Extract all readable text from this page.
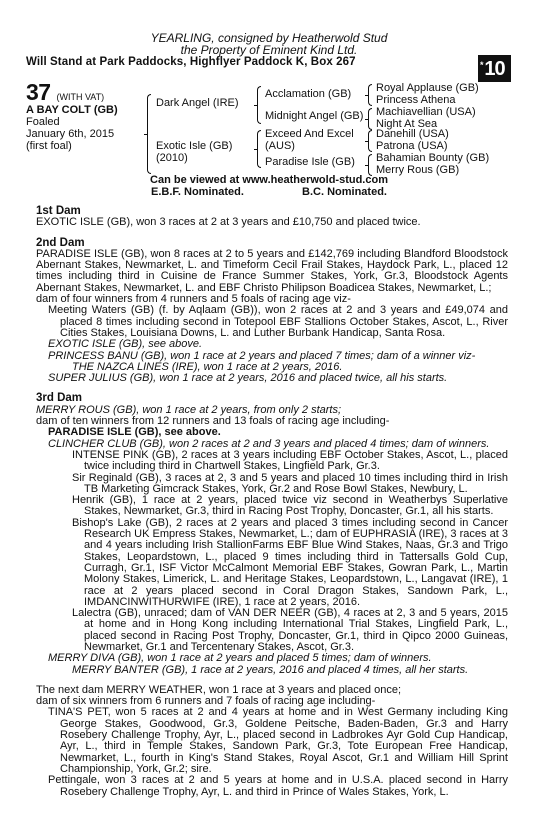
YEARLING, consigned by Heatherwold Stud
the Property of Eminent Kind Ltd.
Will Stand at Park Paddocks, Highflyer Paddock K, Box 267	* 10
37 (WITH VAT)
A BAY COLT (GB)
Foaled
January 6th, 2015
(first foal)
Dark Angel (IRE)
Exotic Isle (GB)
(2010)
Acclamation (GB)
Midnight Angel (GB)
Exceed And Excel
(AUS)
Paradise Isle (GB)
Royal Applause (GB)
Princess Athena
Machiavellian (USA)
Night At Sea
Danehill (USA)
Patrona (USA)
Bahamian Bounty (GB)
Merry Rous (GB)
Can be viewed at www.heatherwold-stud.com
E.B.F. Nominated.	B.C. Nominated.

1st Dam

EXOTIC ISLE (GB), won 3 races at 2 at 3 years and £10,750 and placed twice.

2nd Dam

PARADISE ISLE (GB), won 8 races at 2 to 5 years and £142,769 including Blandford Bloodstock Abernant Stakes, Newmarket, L. and Timeform Cecil Frail Stakes, Haydock Park, L., placed 12 times including third in Cuisine de France Summer Stakes, York, Gr.3, Bloodstock Agents Abernant Stakes, Newmarket, L. and EBF Christo Philipson Boadicea Stakes, Newmarket, L.;

dam of four winners from 4 runners and 5 foals of racing age viz-

Meeting Waters (GB) (f. by Aqlaam (GB)), won 2 races at 2 and 3 years and £49,074 and placed 8 times including second in Totepool EBF Stallions October Stakes, Ascot, L., River Cities Stakes, Louisiana Downs, L. and Luther Burbank Handicap, Santa Rosa.

EXOTIC ISLE (GB), see above.

PRINCESS BANU (GB), won 1 race at 2 years and placed 7 times; dam of a winner viz-

THE NAZCA LINES (IRE), won 1 race at 2 years, 2016.

SUPER JULIUS (GB), won 1 race at 2 years, 2016 and placed twice, all his starts.

3rd Dam

MERRY ROUS (GB), won 1 race at 2 years, from only 2 starts;

dam of ten winners from 12 runners and 13 foals of racing age including-

PARADISE ISLE (GB), see above.

CLINCHER CLUB (GB), won 2 races at 2 and 3 years and placed 4 times; dam of winners.

INTENSE PINK (GB), 2 races at 3 years including EBF October Stakes, Ascot, L., placed twice including third in Chartwell Stakes, Lingfield Park, Gr.3.

Sir Reginald (GB), 3 races at 2, 3 and 5 years and placed 10 times including third in Irish TB Marketing Gimcrack Stakes, York, Gr.2 and Rose Bowl Stakes, Newbury, L.

Henrik (GB), 1 race at 2 years, placed twice viz second in Weatherbys Superlative Stakes, Newmarket, Gr.3, third in Racing Post Trophy, Doncaster, Gr.1, all his starts.

Bishop's Lake (GB), 2 races at 2 years and placed 3 times including second in Cancer Research UK Empress Stakes, Newmarket, L.; dam of EUPHRASIA (IRE), 3 races at 3 and 4 years including Irish StallionFarms EBF Blue Wind Stakes, Naas, Gr.3 and Trigo Stakes, Leopardstown, L., placed 9 times including third in Tattersalls Gold Cup, Curragh, Gr.1, ISF Victor McCalmont Memorial EBF Stakes, Gowran Park, L., Martin Molony Stakes, Limerick, L. and Heritage Stakes, Leopardstown, L., Langavat (IRE), 1 race at 2 years placed second in Coral Dragon Stakes, Sandown Park, L., IMDANCINWITHURWIFE (IRE), 1 race at 2 years, 2016.

Lalectra (GB), unraced; dam of VAN DER NEER (GB), 4 races at 2, 3 and 5 years, 2015 at home and in Hong Kong including International Trial Stakes, Lingfield Park, L., placed second in Racing Post Trophy, Doncaster, Gr.1, third in Qipco 2000 Guineas, Newmarket, Gr.1 and Tercentenary Stakes, Ascot, Gr.3.

MERRY DIVA (GB), won 1 race at 2 years and placed 5 times; dam of winners.

MERRY BANTER (GB), 1 race at 2 years, 2016 and placed 4 times, all her starts.

The next dam MERRY WEATHER, won 1 race at 3 years and placed once;

dam of six winners from 6 runners and 7 foals of racing age including-

TINA'S PET, won 5 races at 2 and 4 years at home and in West Germany including King George Stakes, Goodwood, Gr.3, Goldene Peitsche, Baden-Baden, Gr.3 and Harry Rosebery Challenge Trophy, Ayr, L., placed second in Ladbrokes Ayr Gold Cup Handicap, Ayr, L., third in Temple Stakes, Sandown Park, Gr.3, Tote European Free Handicap, Newmarket, L., fourth in King's Stand Stakes, Royal Ascot, Gr.1 and William Hill Sprint Championship, York, Gr.2; sire.

Pettingale, won 3 races at 2 and 5 years at home and in U.S.A. placed second in Harry Rosebery Challenge Trophy, Ayr, L. and third in Prince of Wales Stakes, York, L.
